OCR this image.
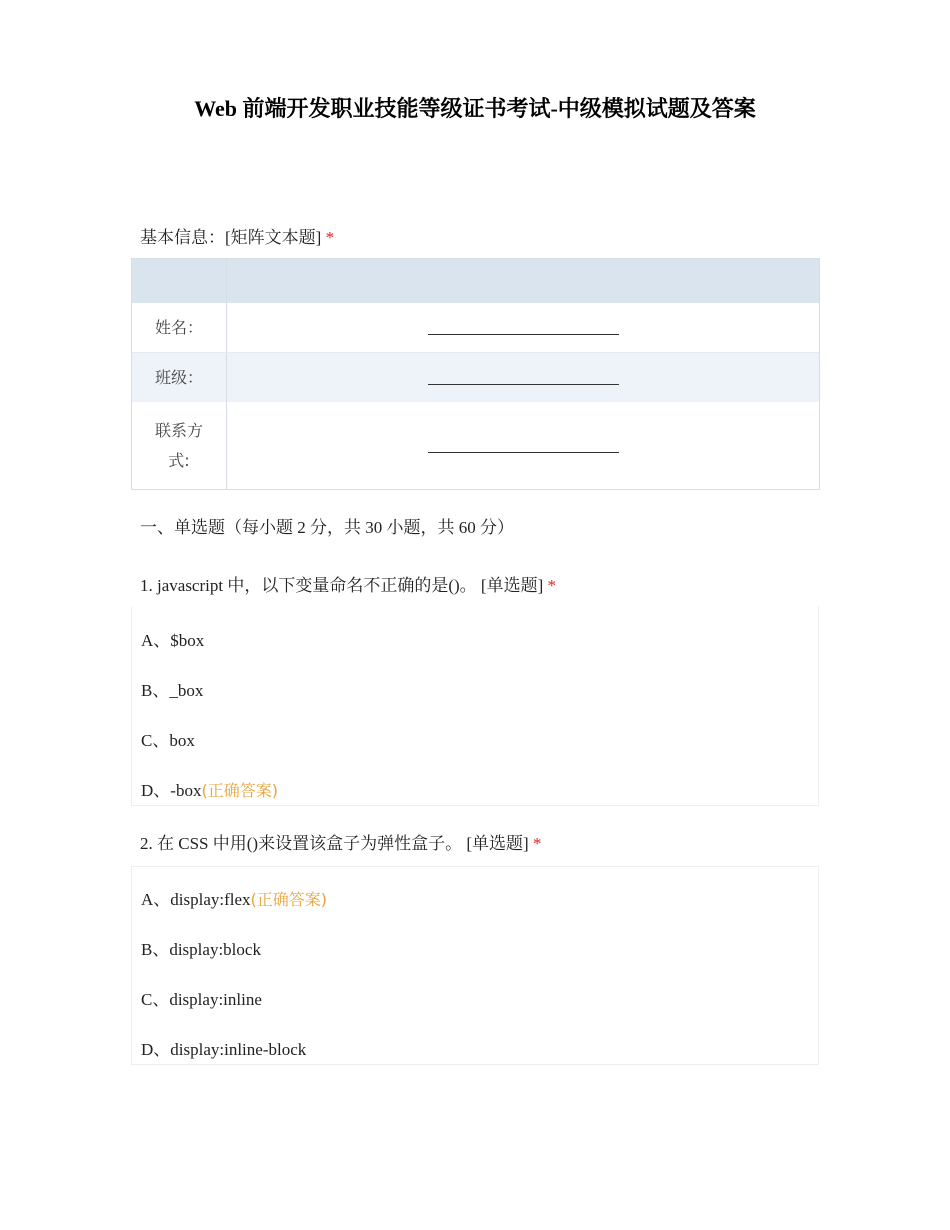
Web 前端开发职业技能等级证书考试-中级模拟试题及答案
基本信息：[矩阵文本题] *
姓名：	________________________
班级：	________________________
联系方式:
________________________
一、单选题（每小题 2 分，共 30 小题，共 60 分）
1. javascript 中，以下变量命名不正确的是()。 [单选题] *
A、$box
B、_box
C、box
D、-box(正确答案)
2. 在 CSS 中用()来设置该盒子为弹性盒子。 [单选题] *
A、display:flex(正确答案)
B、display:block
C、display:inline
D、display:inline-block
